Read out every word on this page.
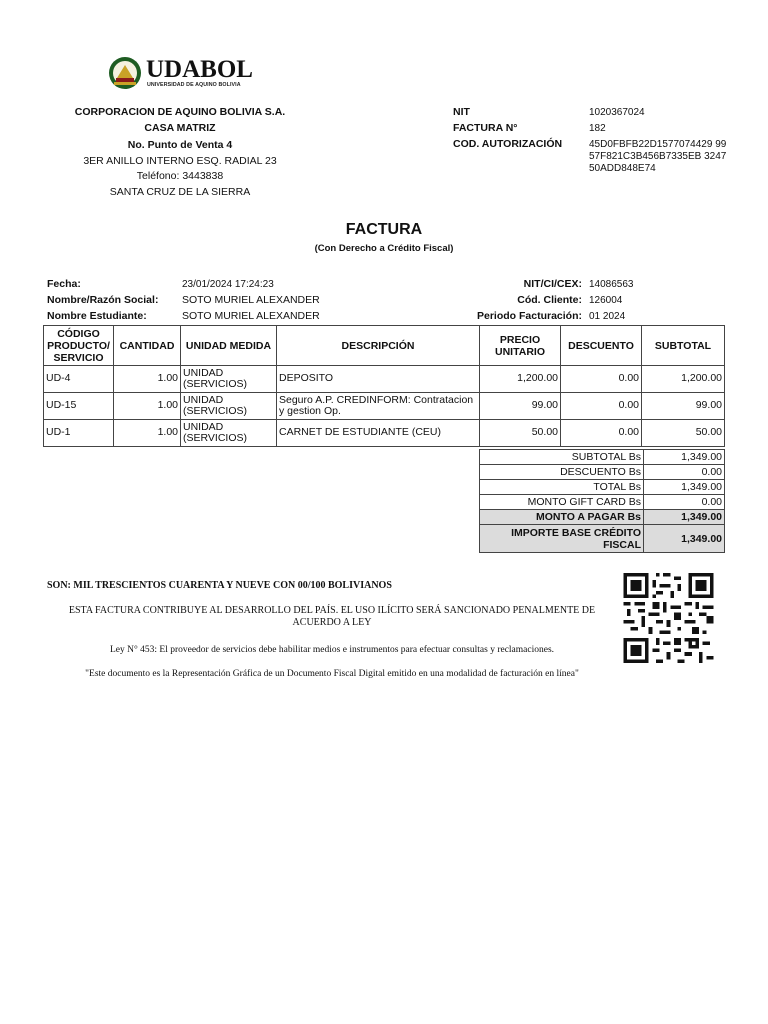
UDABOL
UNIVERSIDAD DE AQUINO BOLIVIA
CORPORACION DE AQUINO BOLIVIA S.A.
CASA MATRIZ
No. Punto de Venta 4
3ER ANILLO INTERNO ESQ. RADIAL 23
Teléfono: 3443838
SANTA CRUZ DE LA SIERRA
NIT	1020367024
FACTURA N°	182
COD. AUTORIZACIÓN	45D0FBFB22D1577074429 9957F821C3B456B7335EB 324750ADD848E74
FACTURA
(Con Derecho a Crédito Fiscal)
Fecha:	23/01/2024 17:24:23
Nombre/Razón Social: SOTO MURIEL ALEXANDER
Nombre Estudiante:	SOTO MURIEL ALEXANDER
NIT/CI/CEX: 14086563
Cód. Cliente: 126004
Periodo Facturación: 01 2024
CÓDIGO PRODUCTO/ SERVICIO	CANTIDAD	UNIDAD MEDIDA	DESCRIPCIÓN	PRECIO UNITARIO	DESCUENTO	SUBTOTAL
UD-4	1.00	UNIDAD (SERVICIOS)	DEPOSITO	1,200.00	0.00	1,200.00
UD-15	1.00	UNIDAD (SERVICIOS)	Seguro A.P. CREDINFORM: Contratacion y gestion Op.	99.00	0.00	99.00
UD-1	1.00	UNIDAD (SERVICIOS)	CARNET DE ESTUDIANTE (CEU)	50.00	0.00	50.00
SUBTOTAL Bs	1,349.00
DESCUENTO Bs	0.00
TOTAL Bs	1,349.00
MONTO GIFT CARD Bs	0.00
MONTO A PAGAR Bs	1,349.00
IMPORTE BASE CRÉDITO FISCAL	1,349.00
SON: MIL TRESCIENTOS CUARENTA Y NUEVE CON 00/100 BOLIVIANOS
ESTA FACTURA CONTRIBUYE AL DESARROLLO DEL PAÍS. EL USO ILÍCITO SERÁ SANCIONADO PENALMENTE DE ACUERDO A LEY
Ley N° 453: El proveedor de servicios debe habilitar medios e instrumentos para efectuar consultas y reclamaciones.
"Este documento es la Representación Gráfica de un Documento Fiscal Digital emitido en una modalidad de facturación en línea"
